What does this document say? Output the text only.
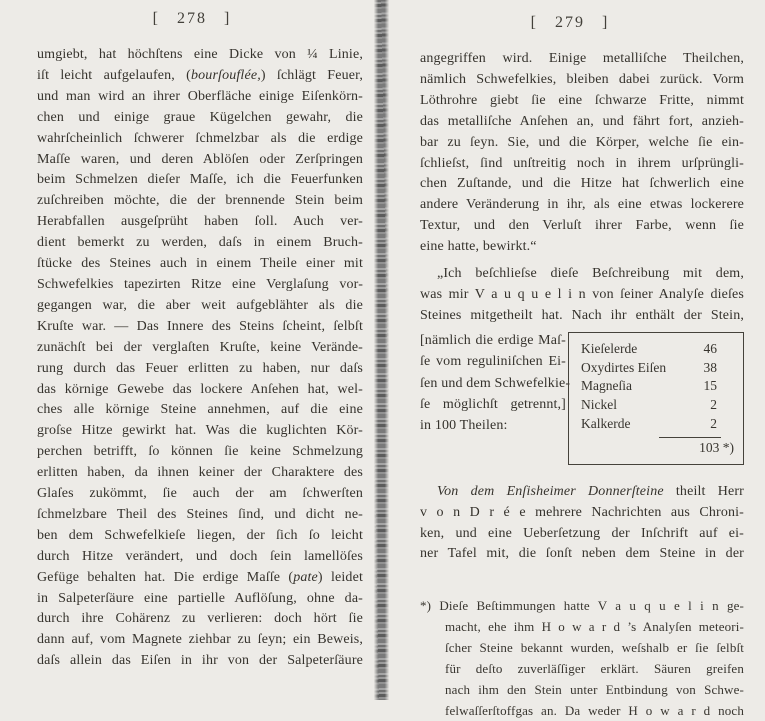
[ 278 ]
umgiebt, hat höchſtens eine Dicke von ¼ Linie,
iſt leicht aufgelaufen, (bourſouflée,) ſchlägt Feuer,
und man wird an ihrer Oberfläche einige Eiſenkörn-
chen und einige graue Kügelchen gewahr, die
wahrſcheinlich ſchwerer ſchmelzbar als die erdige
Maſſe waren, und deren Ablöſen oder Zerſpringen
beim Schmelzen dieſer Maſſe, ich die Feuerfunken
zuſchreiben möchte, die der brennende Stein beim
Herabfallen ausgeſprüht haben ſoll. Auch ver-
dient bemerkt zu werden, daſs in einem Bruch-
ſtücke des Steines auch in einem Theile einer mit
Schwefelkies tapezirten Ritze eine Verglaſung vor-
gegangen war, die aber weit aufgeblähter als die
Kruſte war. — Das Innere des Steins ſcheint, ſelbſt
zunächſt bei der verglaſten Kruſte, keine Verände-
rung durch das Feuer erlitten zu haben, nur daſs
das körnige Gewebe das lockere Anſehen hat, wel-
ches alle körnige Steine annehmen, auf die eine
groſse Hitze gewirkt hat. Was die kuglichten Kör-
perchen betrifft, ſo können ſie keine Schmelzung
erlitten haben, da ihnen keiner der Charaktere des
Glaſes zukömmt, ſie auch der am ſchwerſten
ſchmelzbare Theil des Steines ſind, und dicht ne-
ben dem Schwefelkieſe liegen, der ſich ſo leicht
durch Hitze verändert, und doch ſein lamellöſes
Gefüge behalten hat. Die erdige Maſſe (pate) leidet
in Salpeterſäure eine partielle Auflöſung, ohne da-
durch ihre Cohärenz zu verlieren: doch hört ſie
dann auf, vom Magnete ziehbar zu ſeyn; ein Beweis,
daſs allein das Eiſen in ihr von der Salpeterſäure
[ 279 ]
angegriffen wird. Einige metalliſche Theilchen,
nämlich Schwefelkies, bleiben dabei zurück. Vorm
Löthrohre giebt ſie eine ſchwarze Fritte, nimmt
das metalliſche Anſehen an, und fährt fort, anzieh-
bar zu ſeyn. Sie, und die Körper, welche ſie ein-
ſchlieſst, ſind unſtreitig noch in ihrem urſprüngli-
chen Zuſtande, und die Hitze hat ſchwerlich eine
andere Veränderung in ihr, als eine etwas lockerere
Textur, und den Verluſt ihrer Farbe, wenn ſie
eine hatte, bewirkt.“
„Ich beſchlieſse dieſe Beſchreibung mit dem,
was mir V a u q u e l i n von ſeiner Analyſe dieſes
Steines mitgetheilt hat. Nach ihr enthält der Stein,
[nämlich die erdige Maſ-
ſe vom reguliniſchen Ei-
ſen und dem Schwefelkie-
ſe möglichſt getrennt,]
in 100 Theilen:
Kieſelerde	46
Oxydirtes Eiſen	38
Magneſia	15
Nickel	2
Kalkerde	2
103 *)
Von dem Enſisheimer Donnerſteine theilt Herr
v o n D r é e mehrere Nachrichten aus Chroni-
ken, und eine Ueberſetzung der Inſchrift auf ei-
ner Tafel mit, die ſonſt neben dem Steine in der
*) Dieſe Beſtimmungen hatte V a u q u e l i n ge-
macht, ehe ihm H o w a r d ’s Analyſen meteori-
ſcher Steine bekannt wurden, weſshalb er ſie ſelbſt
für deſto zuverläſſiger erklärt. Säuren greifen
nach ihm den Stein unter Entbindung von Schwe-
felwaſſerſtoffgas an. Da weder H o w a r d noch
